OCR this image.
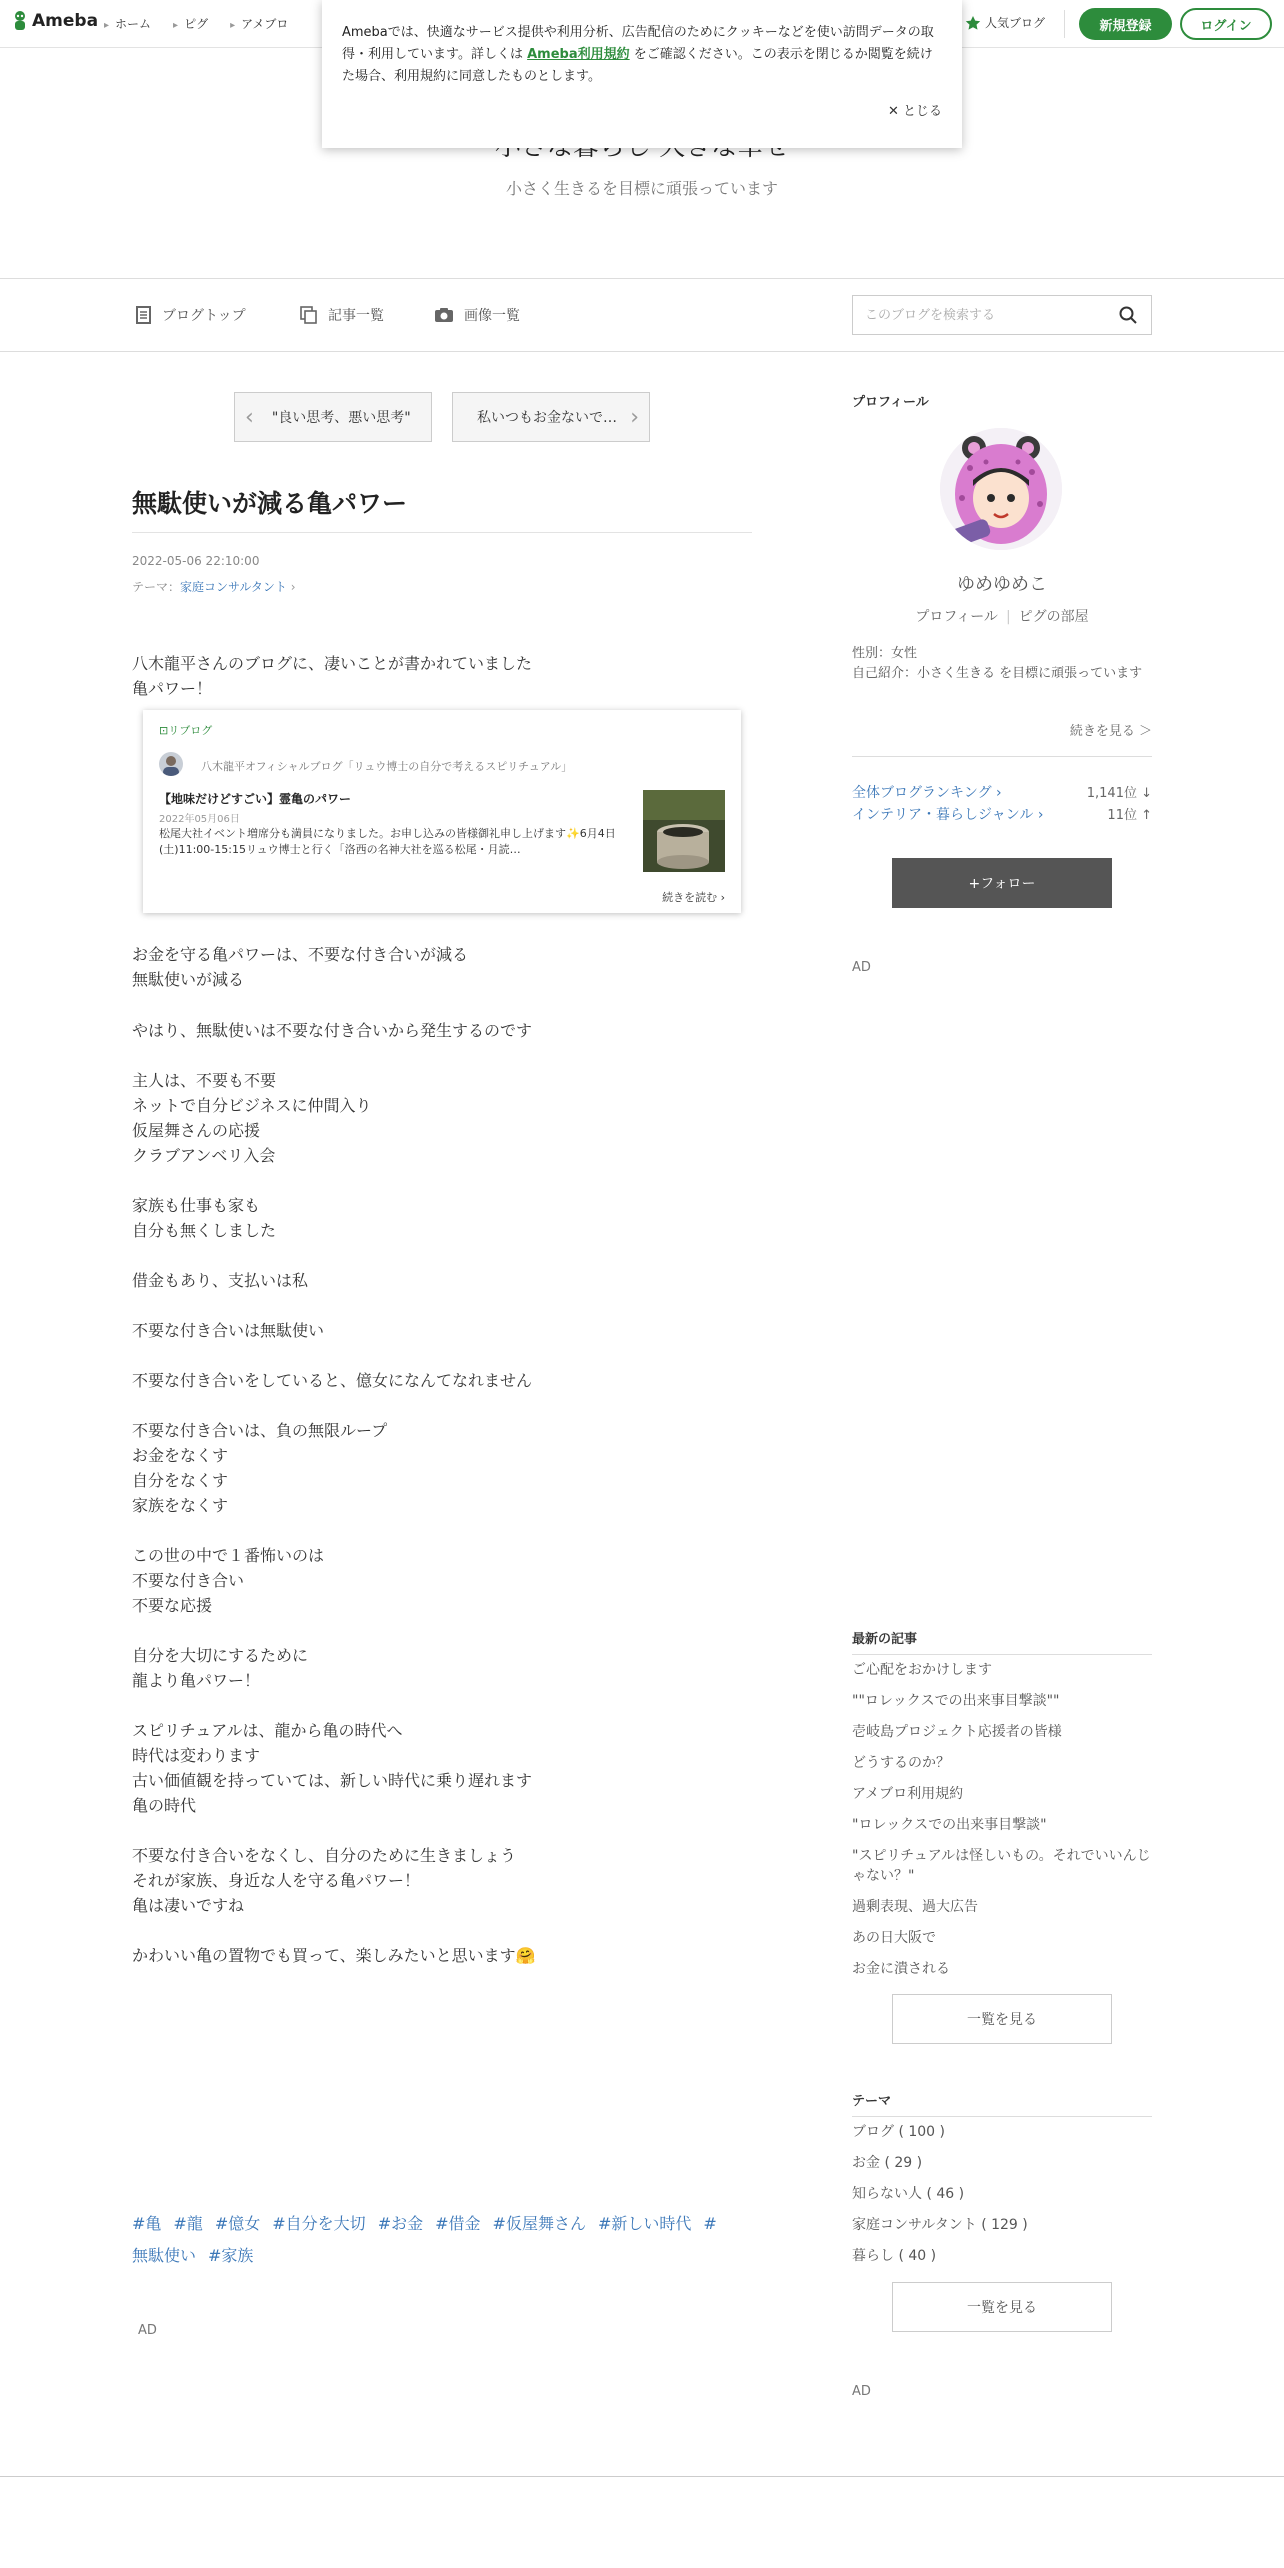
Ameba	▸ ホーム	▸ ピグ	▸ アメブロ	人気ブログ	新規登録	ログイン

Amebaでは、快適なサービス提供や利用分析、広告配信のためにクッキーなどを使い訪問データの取得・利用しています。詳しくは Ameba利用規約 をご確認ください。この表示を閉じるか閲覧を続けた場合、利用規約に同意したものとします。

✕ とじる
小さく生きるを目標に頑張っています
ブログトップ	記事一覧	画像一覧
このブログを検索する
‹ "良い思考、悪い思考"	私いつもお金ないで… ›
無駄使いが減る亀パワー
2022-05-06 22:10:00
テーマ：家庭コンサルタント ›
八木龍平さんのブログに、凄いことが書かれていました
亀パワー！
⊡リブログ
八木龍平オフィシャルブログ「リュウ博士の自分で考えるスピリチュアル」
【地味だけどすごい】霊亀のパワー
2022年05月06日
松尾大社イベント増席分も満員になりました。お申し込みの皆様御礼申し上げます✨6月4日(土)11:00-15:15リュウ博士と行く「洛西の名神大社を巡る松尾・月読…
続きを読む ›
お金を守る亀パワーは、不要な付き合いが減る
無駄使いが減る
やはり、無駄使いは不要な付き合いから発生するのです
主人は、不要も不要
ネットで自分ビジネスに仲間入り
仮屋舞さんの応援
クラブアンベリ入会
家族も仕事も家も
自分も無くしました
借金もあり、支払いは私
不要な付き合いは無駄使い
不要な付き合いをしていると、億女になんてなれません
不要な付き合いは、負の無限ループ
お金をなくす
自分をなくす
家族をなくす
この世の中で１番怖いのは
不要な付き合い
不要な応援
自分を大切にするために
龍より亀パワー！
スピリチュアルは、龍から亀の時代へ
時代は変わります
古い価値観を持っていては、新しい時代に乗り遅れます
亀の時代
不要な付き合いをなくし、自分のために生きましょう
それが家族、身近な人を守る亀パワー！
亀は凄いですね
かわいい亀の置物でも買って、楽しみたいと思います🤗
#亀 #龍 #億女 #自分を大切 #お金 #借金 #仮屋舞さん #新しい時代 #無駄使い #家族
AD
プロフィール
ゆめゆめこ
プロフィール | ピグの部屋
性別：女性
自己紹介：小さく生きる を目標に頑張っています
続きを見る ＞
全体ブログランキング ›	1,141位 ↓
インテリア・暮らしジャンル ›	11位 ↑
+フォロー
AD
最新の記事
ご心配をおかけします
""ロレックスでの出来事目撃談""
壱岐島プロジェクト応援者の皆様
どうするのか？
アメブロ利用規約
"ロレックスでの出来事目撃談"
"スピリチュアルは怪しいもの。それでいいんじゃない？"
過剰表現、過大広告
あの日大阪で
お金に潰される
一覧を見る
テーマ
ブログ ( 100 )
お金 ( 29 )
知らない人 ( 46 )
家庭コンサルタント ( 129 )
暮らし ( 40 )
一覧を見る
AD
